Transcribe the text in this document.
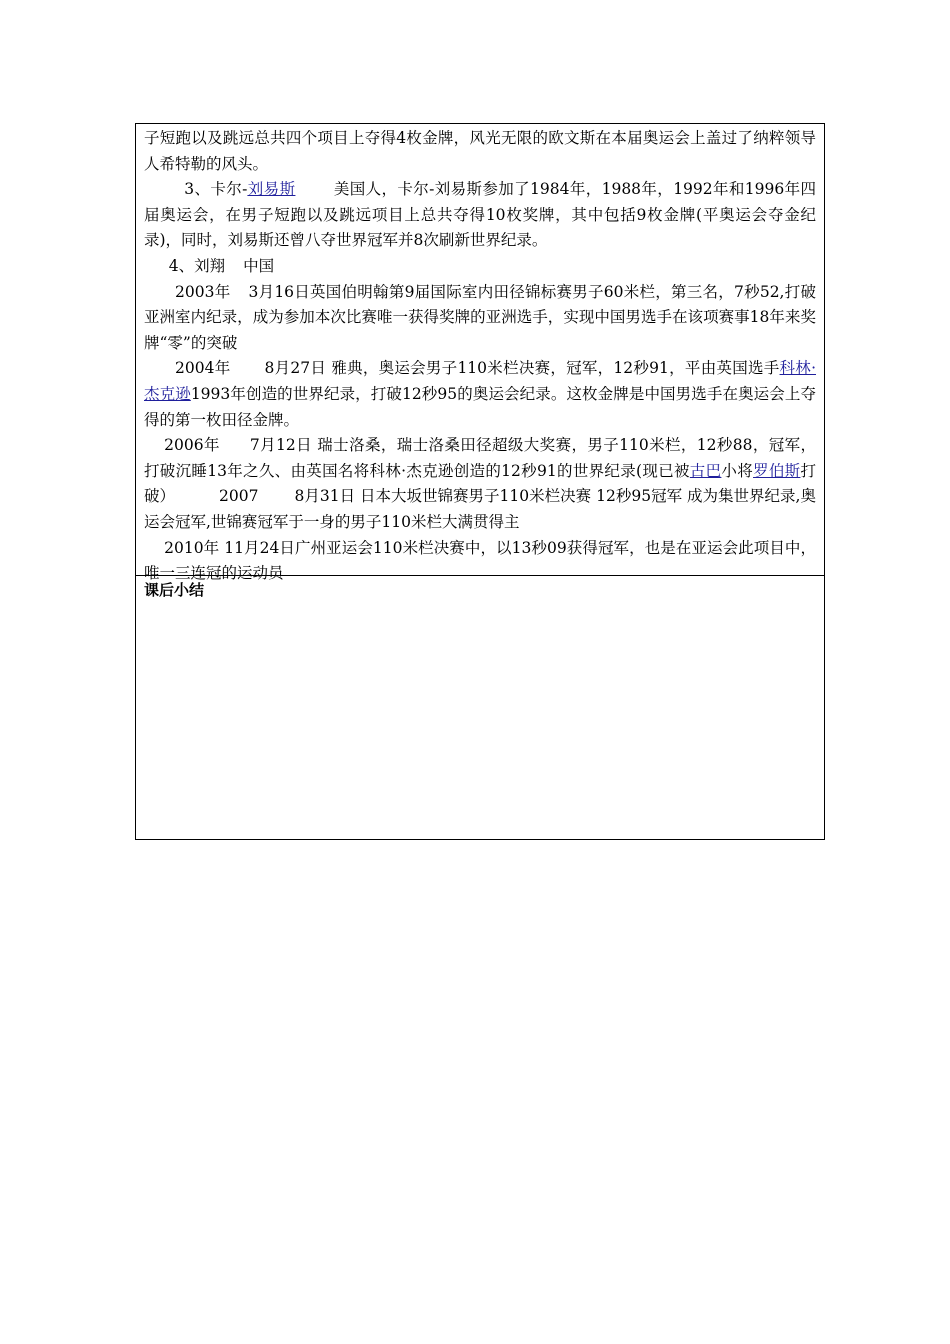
子短跑以及跳远总共四个项目上夺得4枚金牌，风光无限的欧文斯在本届奥运会上盖过了纳粹领导人希特勒的风头。

3、卡尔-刘易斯 美国人，卡尔-刘易斯参加了1984年，1988年，1992年和1996年四届奥运会，在男子短跑以及跳远项目上总共夺得10枚奖牌，其中包括9枚金牌(平奥运会夺金纪录)，同时，刘易斯还曾八夺世界冠军并8次刷新世界纪录。

4、刘翔 中国

2003年 3月16日英国伯明翰第9届国际室内田径锦标赛男子60米栏，第三名，7秒52,打破亚洲室内纪录，成为参加本次比赛唯一获得奖牌的亚洲选手，实现中国男选手在该项赛事18年来奖牌“零”的突破

2004年 8月27日 雅典，奥运会男子110米栏决赛，冠军，12秒91，平由英国选手科林·杰克逊1993年创造的世界纪录，打破12秒95的奥运会纪录。这枚金牌是中国男选手在奥运会上夺得的第一枚田径金牌。

2006年 7月12日 瑞士洛桑，瑞士洛桑田径超级大奖赛，男子110米栏，12秒88，冠军，打破沉睡13年之久、由英国名将科林·杰克逊创造的12秒91的世界纪录(现已被古巴小将罗伯斯打破）	2007 8月31日 日本大坂世锦赛男子110米栏决赛 12秒95冠军 成为集世界纪录,奥运会冠军,世锦赛冠军于一身的男子110米栏大满贯得主

2010年 11月24日广州亚运会110米栏决赛中，以13秒09获得冠军，也是在亚运会此项目中，唯一三连冠的运动员

课后小结
